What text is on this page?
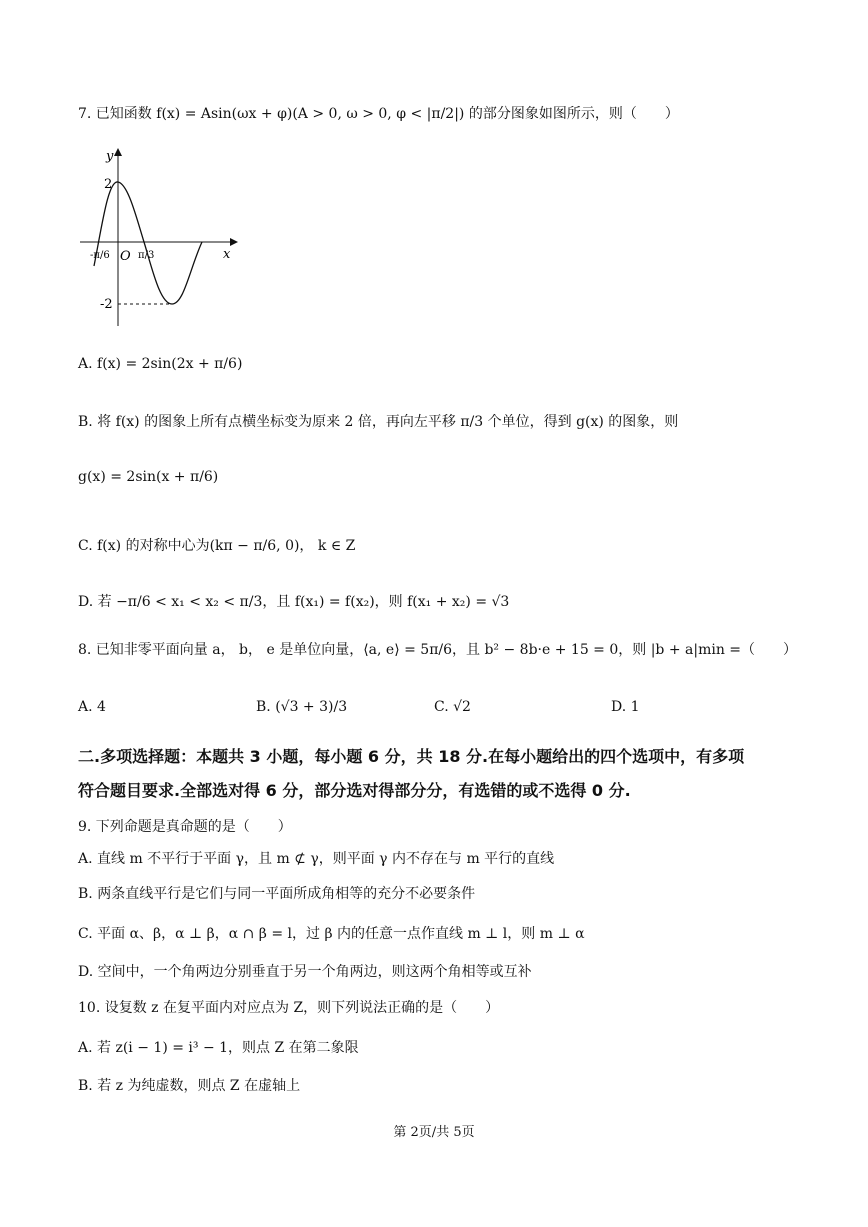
7. 已知函数 f(x) = Asin(ωx + φ)(A > 0, ω > 0, φ < |π/2|) 的部分图象如图所示，则（　　）
y
x
O
2
-2
-π/6	π/3
A. f(x) = 2sin(2x + π/6)
B. 将 f(x) 的图象上所有点横坐标变为原来 2 倍，再向左平移 π/3 个单位，得到 g(x) 的图象，则
g(x) = 2sin(x + π/6)
C. f(x) 的对称中心为(kπ − π/6, 0)， k ∈ Z
D. 若 −π/6 < x₁ < x₂ < π/3，且 f(x₁) = f(x₂)，则 f(x₁ + x₂) = √3
8. 已知非零平面向量 a， b， e 是单位向量，⟨a, e⟩ = 5π/6，且 b² − 8b·e + 15 = 0，则 |b + a|min =（　　）
A. 4	B. (√3 + 3)/3	C. √2	D. 1
二.多项选择题：本题共 3 小题，每小题 6 分，共 18 分.在每小题给出的四个选项中，有多项
符合题目要求.全部选对得 6 分，部分选对得部分分，有选错的或不选得 0 分.
9. 下列命题是真命题的是（　　）
A. 直线 m 不平行于平面 γ，且 m ⊄ γ，则平面 γ 内不存在与 m 平行的直线
B. 两条直线平行是它们与同一平面所成角相等的充分不必要条件
C. 平面 α、β，α ⊥ β，α ∩ β = l，过 β 内的任意一点作直线 m ⊥ l，则 m ⊥ α
D. 空间中，一个角两边分别垂直于另一个角两边，则这两个角相等或互补
10. 设复数 z 在复平面内对应点为 Z，则下列说法正确的是（　　）
A. 若 z(i − 1) = i³ − 1，则点 Z 在第二象限
B. 若 z 为纯虚数，则点 Z 在虚轴上
第 2页/共 5页
